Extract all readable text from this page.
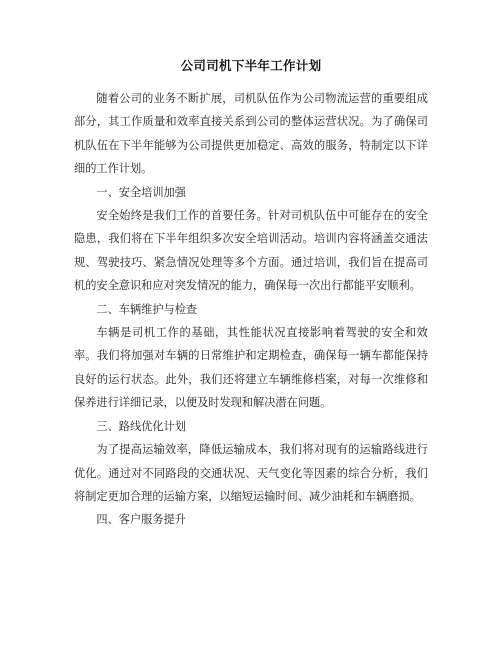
公司司机下半年工作计划

随着公司的业务不断扩展，司机队伍作为公司物流运营的重要组成部分，其工作质量和效率直接关系到公司的整体运营状况。为了确保司机队伍在下半年能够为公司提供更加稳定、高效的服务，特制定以下详细的工作计划。

一、安全培训加强

安全始终是我们工作的首要任务。针对司机队伍中可能存在的安全隐患，我们将在下半年组织多次安全培训活动。培训内容将涵盖交通法规、驾驶技巧、紧急情况处理等多个方面。通过培训，我们旨在提高司机的安全意识和应对突发情况的能力，确保每一次出行都能平安顺利。

二、车辆维护与检查

车辆是司机工作的基础，其性能状况直接影响着驾驶的安全和效率。我们将加强对车辆的日常维护和定期检查，确保每一辆车都能保持良好的运行状态。此外，我们还将建立车辆维修档案，对每一次维修和保养进行详细记录，以便及时发现和解决潜在问题。

三、路线优化计划

为了提高运输效率，降低运输成本，我们将对现有的运输路线进行优化。通过对不同路段的交通状况、天气变化等因素的综合分析，我们将制定更加合理的运输方案，以缩短运输时间、减少油耗和车辆磨损。

四、客户服务提升
